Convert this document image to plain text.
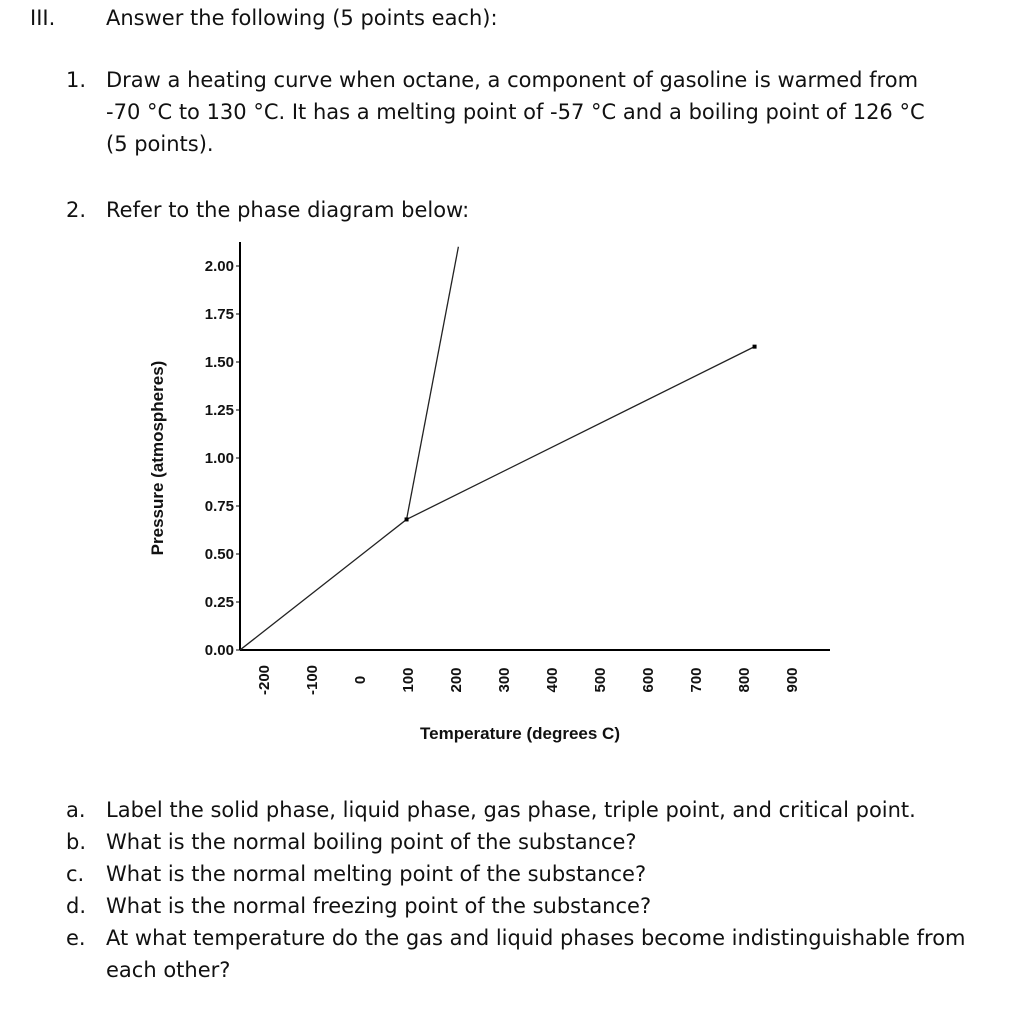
III. Answer the following (5 points each):
1. Draw a heating curve when octane, a component of gasoline is warmed from
-70 °C to 130 °C. It has a melting point of -57 °C and a boiling point of 126 °C
(5 points).
2. Refer to the phase diagram below:
0.00
0.25
0.50
0.75
1.00
1.25
1.50
1.75
2.00
-200 -100 0 100 200 300 400 500 600 700 800 900
Temperature (degrees C)
Pressure (atmospheres)
a. Label the solid phase, liquid phase, gas phase, triple point, and critical point.
b. What is the normal boiling point of the substance?
c. What is the normal melting point of the substance?
d. What is the normal freezing point of the substance?
e. At what temperature do the gas and liquid phases become indistinguishable from each other?
